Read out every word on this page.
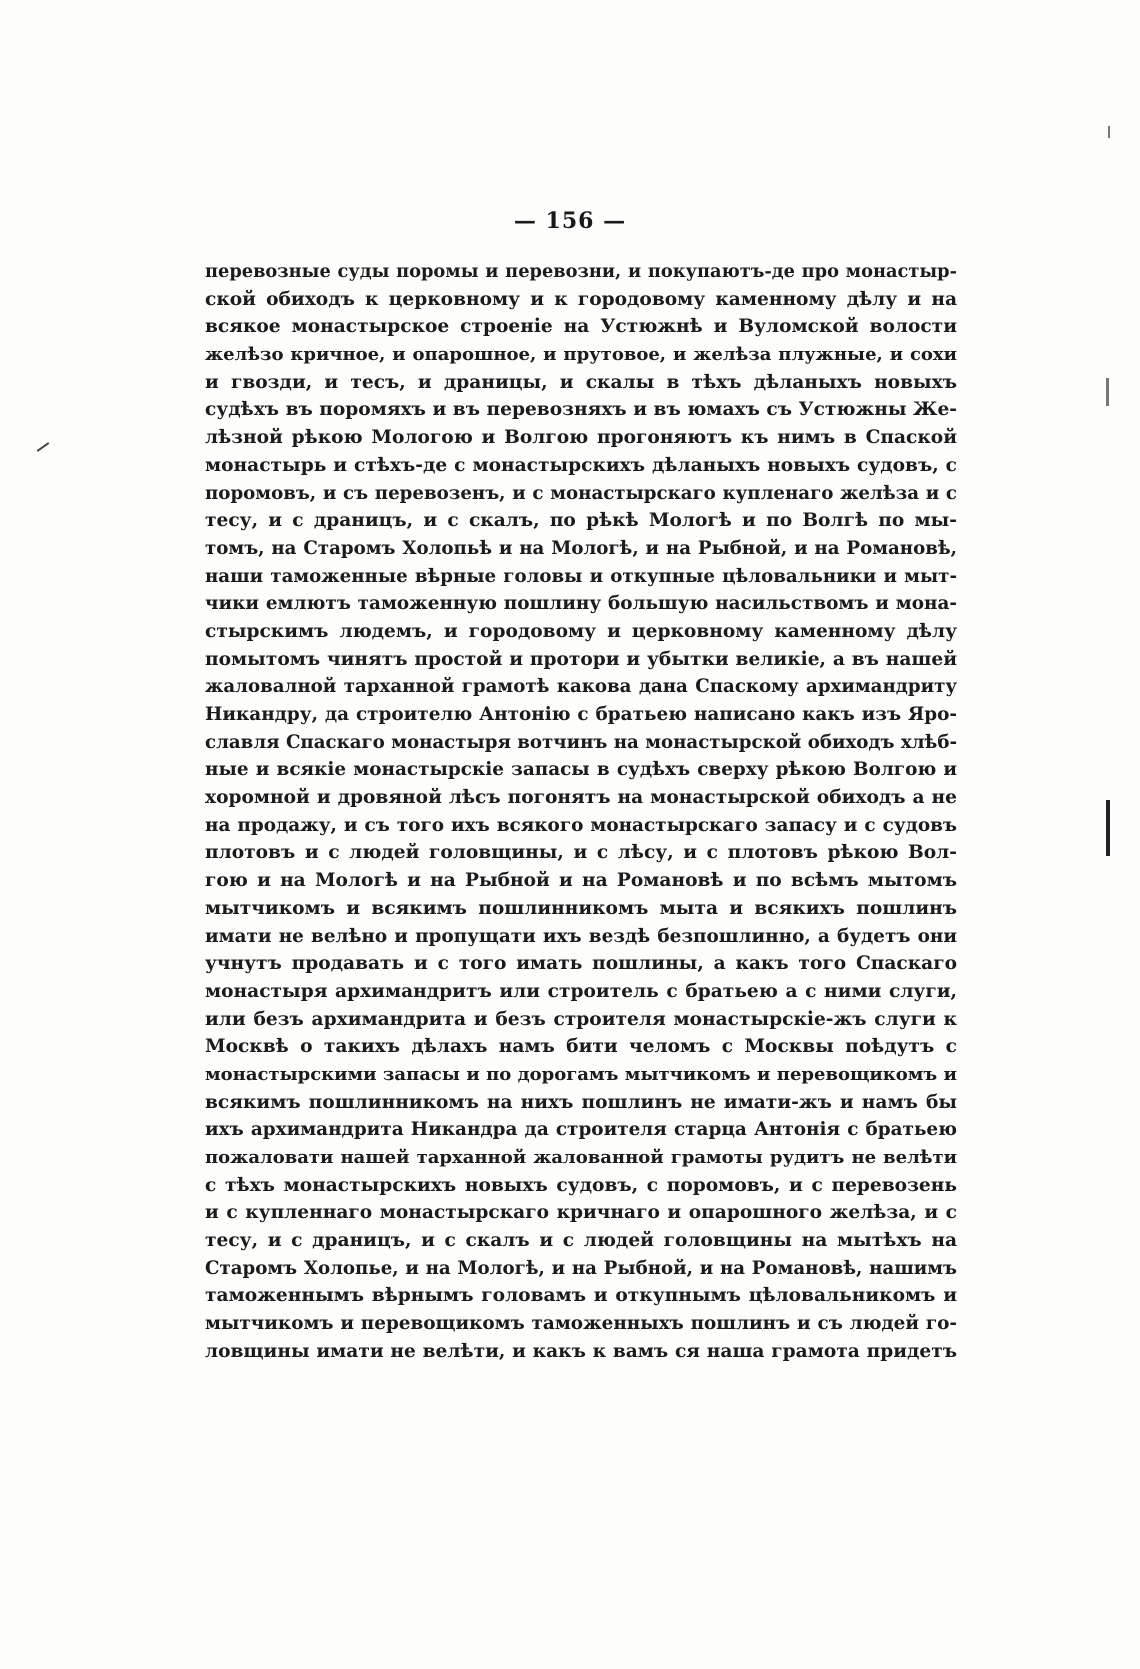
— 156 —
перевозные суды поромы и перевозни, и покупаютъ-де про монастыр-
ской обиходъ к церковному и к городовому каменному дѣлу и на
всякое монастырское строеніе на Устюжнѣ и Вуломской волости
желѣзо кричное, и опарошное, и прутовое, и желѣза плужные, и сохи
и гвозди, и тесъ, и драницы, и скалы в тѣхъ дѣланыхъ новыхъ
судѣхъ въ поромяхъ и въ перевозняхъ и въ юмахъ съ Устюжны Же-
лѣзной рѣкою Мологою и Волгою прогоняютъ къ нимъ в Спаской
монастырь и стѣхъ-де с монастырскихъ дѣланыхъ новыхъ судовъ, с
поромовъ, и съ перевозенъ, и с монастырскаго купленаго желѣза и с
тесу, и с драницъ, и с скалъ, по рѣкѣ Мологѣ и по Волгѣ по мы-
томъ, на Старомъ Холопьѣ и на Мологѣ, и на Рыбной, и на Романовѣ,
наши таможенные вѣрные головы и откупные цѣловальники и мыт-
чики емлютъ таможенную пошлину большую насильствомъ и мона-
стырскимъ людемъ, и городовому и церковному каменному дѣлу
помытомъ чинятъ простой и протори и убытки великіе, а въ нашей
жаловалной тарханной грамотѣ какова дана Спаскому архимандриту
Никандру, да строителю Антонію с братьею написано какъ изъ Яро-
славля Спаскаго монастыря вотчинъ на монастырской обиходъ хлѣб-
ные и всякіе монастырскіе запасы в судѣхъ сверху рѣкою Волгою и
хоромной и дровяной лѣсъ погонятъ на монастырской обиходъ а не
на продажу, и съ того ихъ всякого монастырскаго запасу и с судовъ
плотовъ и с людей головщины, и с лѣсу, и с плотовъ рѣкою Вол-
гою и на Мологѣ и на Рыбной и на Романовѣ и по всѣмъ мытомъ
мытчикомъ и всякимъ пошлинникомъ мыта и всякихъ пошлинъ
имати не велѣно и пропущати ихъ вездѣ безпошлинно, а будетъ они
учнутъ продавать и с того имать пошлины, а какъ того Спаскаго
монастыря архимандритъ или строитель с братьею а с ними слуги,
или безъ архимандрита и безъ строителя монастырскіе-жъ слуги к
Москвѣ о такихъ дѣлахъ намъ бити челомъ с Москвы поѣдутъ с
монастырскими запасы и по дорогамъ мытчикомъ и перевощикомъ и
всякимъ пошлинникомъ на нихъ пошлинъ не имати-жъ и намъ бы
ихъ архимандрита Никандра да строителя старца Антонія с братьею
пожаловати нашей тарханной жалованной грамоты рудитъ не велѣти
с тѣхъ монастырскихъ новыхъ судовъ, с поромовъ, и с перевозень
и с купленнаго монастырскаго кричнаго и опарошного желѣза, и с
тесу, и с драницъ, и с скалъ и с людей головщины на мытѣхъ на
Старомъ Холопье, и на Мологѣ, и на Рыбной, и на Романовѣ, нашимъ
таможеннымъ вѣрнымъ головамъ и откупнымъ цѣловальникомъ и
мытчикомъ и перевощикомъ таможенныхъ пошлинъ и съ людей го-
ловщины имати не велѣти, и какъ к вамъ ся наша грамота придетъ
